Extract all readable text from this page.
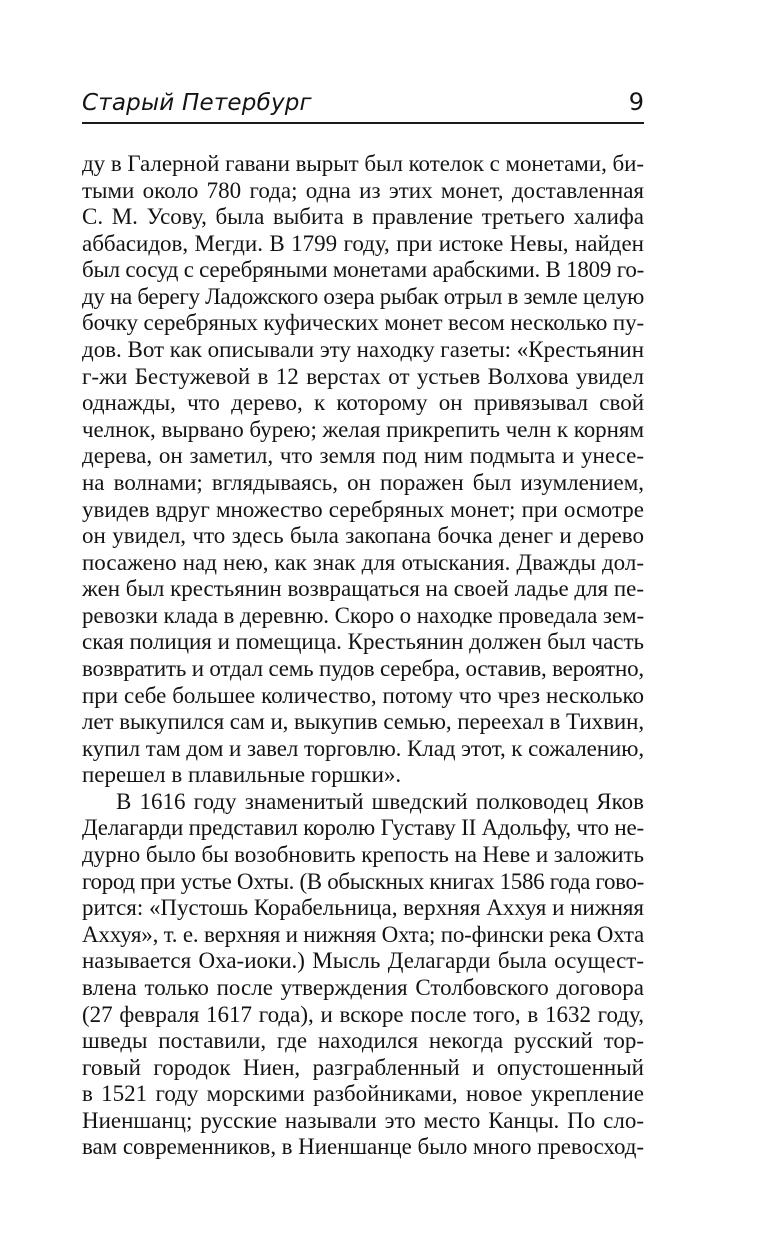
Старый Петербург	9
ду в Галерной гавани вырыт был котелок с монетами, би-
тыми около 780 года; одна из этих монет, доставленная
С. М. Усову, была выбита в правление третьего халифа
аббасидов, Мегди. В 1799 году, при истоке Невы, найден
был сосуд с серебряными монетами арабскими. В 1809 го-
ду на берегу Ладожского озера рыбак отрыл в земле целую
бочку серебряных куфических монет весом несколько пу-
дов. Вот как описывали эту находку газеты: «Крестьянин
г-жи Бестужевой в 12 верстах от устьев Волхова увидел
однажды, что дерево, к которому он привязывал свой
челнок, вырвано бурею; желая прикрепить челн к корням
дерева, он заметил, что земля под ним подмыта и унесе-
на волнами; вглядываясь, он поражен был изумлением,
увидев вдруг множество серебряных монет; при осмотре
он увидел, что здесь была закопана бочка денег и дерево
посажено над нею, как знак для отыскания. Дважды дол-
жен был крестьянин возвращаться на своей ладье для пе-
ревозки клада в деревню. Скоро о находке проведала зем-
ская полиция и помещица. Крестьянин должен был часть
возвратить и отдал семь пудов серебра, оставив, вероятно,
при себе большее количество, потому что чрез несколько
лет выкупился сам и, выкупив семью, переехал в Тихвин,
купил там дом и завел торговлю. Клад этот, к сожалению,
перешел в плавильные горшки».
В 1616 году знаменитый шведский полководец Яков
Делагарди представил королю Густаву II Адольфу, что не-
дурно было бы возобновить крепость на Неве и заложить
город при устье Охты. (В обыскных книгах 1586 года гово-
рится: «Пустошь Корабельница, верхняя Аххуя и нижняя
Аххуя», т. е. верхняя и нижняя Охта; по-фински река Охта
называется Оха-иоки.) Мысль Делагарди была осущест-
влена только после утверждения Столбовского договора
(27 февраля 1617 года), и вскоре после того, в 1632 году,
шведы поставили, где находился некогда русский тор-
говый городок Ниен, разграбленный и опустошенный
в 1521 году морскими разбойниками, новое укрепление
Ниеншанц; русские называли это место Канцы. По сло-
вам современников, в Ниеншанце было много превосход-
